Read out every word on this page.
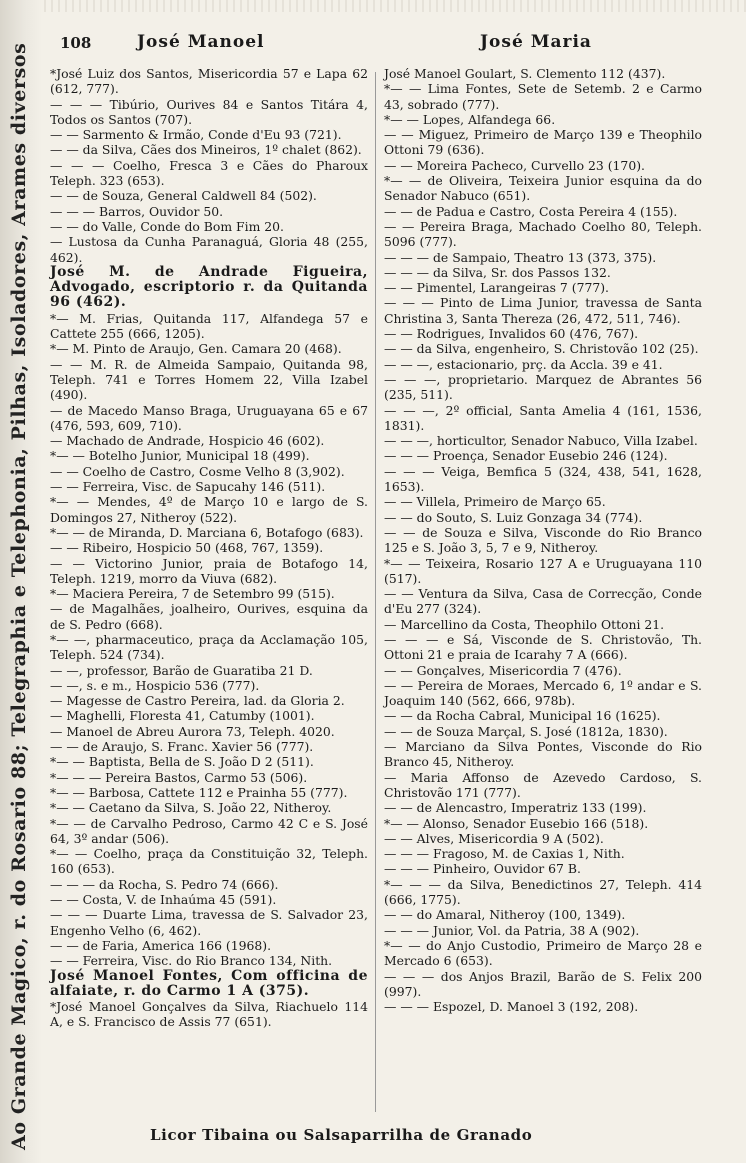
Ao Grande Magico, r. do Rosario 88; Telegraphia e Telephonia, Pilhas, Isoladores, Arames diversos 108	José Manoel	José Maria

*José Luiz dos Santos, Misericordia 57 e Lapa 62 (612, 777).

— — — Tibúrio, Ourives 84 e Santos Titára 4, Todos os Santos (707).

— — Sarmento & Irmão, Conde d'Eu 93 (721).

— — da Silva, Cães dos Mineiros, 1º chalet (862).

— — — Coelho, Fresca 3 e Cães do Pharoux Teleph. 323 (653).

— — de Souza, General Caldwell 84 (502).

— — — Barros, Ouvidor 50.

— — do Valle, Conde do Bom Fim 20.

— Lustosa da Cunha Paranaguá, Gloria 48 (255, 462).

José M. de Andrade Figueira, Advogado, escriptorio r. da Quitanda 96 (462).

*— M. Frias, Quitanda 117, Alfandega 57 e Cattete 255 (666, 1205).

*— M. Pinto de Araujo, Gen. Camara 20 (468).

— — M. R. de Almeida Sampaio, Quitanda 98, Teleph. 741 e Torres Homem 22, Villa Izabel (490).

— de Macedo Manso Braga, Uruguayana 65 e 67 (476, 593, 609, 710).

— Machado de Andrade, Hospicio 46 (602).

*— — Botelho Junior, Municipal 18 (499).

— — Coelho de Castro, Cosme Velho 8 (3,902).

— — Ferreira, Visc. de Sapucahy 146 (511).

*— — Mendes, 4º de Março 10 e largo de S. Domingos 27, Nitheroy (522).

*— — de Miranda, D. Marciana 6, Botafogo (683).

— — Ribeiro, Hospicio 50 (468, 767, 1359).

— — Victorino Junior, praia de Botafogo 14, Teleph. 1219, morro da Viuva (682).

*— Maciera Pereira, 7 de Setembro 99 (515).

— de Magalhães, joalheiro, Ourives, esquina da de S. Pedro (668).

*— —, pharmaceutico, praça da Acclamação 105, Teleph. 524 (734).

— —, professor, Barão de Guaratiba 21 D.

— —, s. e m., Hospicio 536 (777).

— Magesse de Castro Pereira, lad. da Gloria 2.

— Maghelli, Floresta 41, Catumby (1001).

— Manoel de Abreu Aurora 73, Teleph. 4020.

— — de Araujo, S. Franc. Xavier 56 (777).

*— — Baptista, Bella de S. João D 2 (511).

*— — — Pereira Bastos, Carmo 53 (506).

*— — Barbosa, Cattete 112 e Prainha 55 (777).

*— — Caetano da Silva, S. João 22, Nitheroy.

*— — de Carvalho Pedroso, Carmo 42 C e S. José 64, 3º andar (506).

*— — Coelho, praça da Constituição 32, Teleph. 160 (653).

— — — da Rocha, S. Pedro 74 (666).

— — Costa, V. de Inhaúma 45 (591).

— — — Duarte Lima, travessa de S. Salvador 23, Engenho Velho (6, 462).

— — de Faria, America 166 (1968).

— — Ferreira, Visc. do Rio Branco 134, Nith.

José Manoel Fontes, Com officina de alfaiate, r. do Carmo 1 A (375).

*José Manoel Gonçalves da Silva, Riachuelo 114 A, e S. Francisco de Assis 77 (651).

José Manoel Goulart, S. Clemento 112 (437).

*— — Lima Fontes, Sete de Setemb. 2 e Carmo 43, sobrado (777).

*— — Lopes, Alfandega 66.

— — Miguez, Primeiro de Março 139 e Theophilo Ottoni 79 (636).

— — Moreira Pacheco, Curvello 23 (170).

*— — de Oliveira, Teixeira Junior esquina da do Senador Nabuco (651).

— — de Padua e Castro, Costa Pereira 4 (155).

— — Pereira Braga, Machado Coelho 80, Teleph. 5096 (777).

— — — de Sampaio, Theatro 13 (373, 375).

— — — da Silva, Sr. dos Passos 132.

— — Pimentel, Larangeiras 7 (777).

— — — Pinto de Lima Junior, travessa de Santa Christina 3, Santa Thereza (26, 472, 511, 746).

— — Rodrigues, Invalidos 60 (476, 767).

— — da Silva, engenheiro, S. Christovão 102 (25).

— — —, estacionario, prç. da Accla. 39 e 41.

— — —, proprietario. Marquez de Abrantes 56 (235, 511).

— — —, 2º official, Santa Amelia 4 (161, 1536, 1831).

— — —, horticultor, Senador Nabuco, Villa Izabel.

— — — Proença, Senador Eusebio 246 (124).

— — — Veiga, Bemfica 5 (324, 438, 541, 1628, 1653).

— — Villela, Primeiro de Março 65.

— — do Souto, S. Luiz Gonzaga 34 (774).

— — de Souza e Silva, Visconde do Rio Branco 125 e S. João 3, 5, 7 e 9, Nitheroy.

*— — Teixeira, Rosario 127 A e Uruguayana 110 (517).

— — Ventura da Silva, Casa de Correcção, Conde d'Eu 277 (324).

— Marcellino da Costa, Theophilo Ottoni 21.

— — — e Sá, Visconde de S. Christovão, Th. Ottoni 21 e praia de Icarahy 7 A (666).

— — Gonçalves, Misericordia 7 (476).

— — Pereira de Moraes, Mercado 6, 1º andar e S. Joaquim 140 (562, 666, 978b).

— — da Rocha Cabral, Municipal 16 (1625).

— — de Souza Marçal, S. José (1812a, 1830).

— Marciano da Silva Pontes, Visconde do Rio Branco 45, Nitheroy.

— Maria Affonso de Azevedo Cardoso, S. Christovão 171 (777).

— — de Alencastro, Imperatriz 133 (199).

*— — Alonso, Senador Eusebio 166 (518).

— — Alves, Misericordia 9 A (502).

— — — Fragoso, M. de Caxias 1, Nith.

— — — Pinheiro, Ouvidor 67 B.

*— — — da Silva, Benedictinos 27, Teleph. 414 (666, 1775).

— — do Amaral, Nitheroy (100, 1349).

— — — Junior, Vol. da Patria, 38 A (902).

*— — do Anjo Custodio, Primeiro de Março 28 e Mercado 6 (653).

— — — dos Anjos Brazil, Barão de S. Felix 200 (997).

— — — Espozel, D. Manoel 3 (192, 208).

Licor Tibaina ou Salsaparrilha de Granado
